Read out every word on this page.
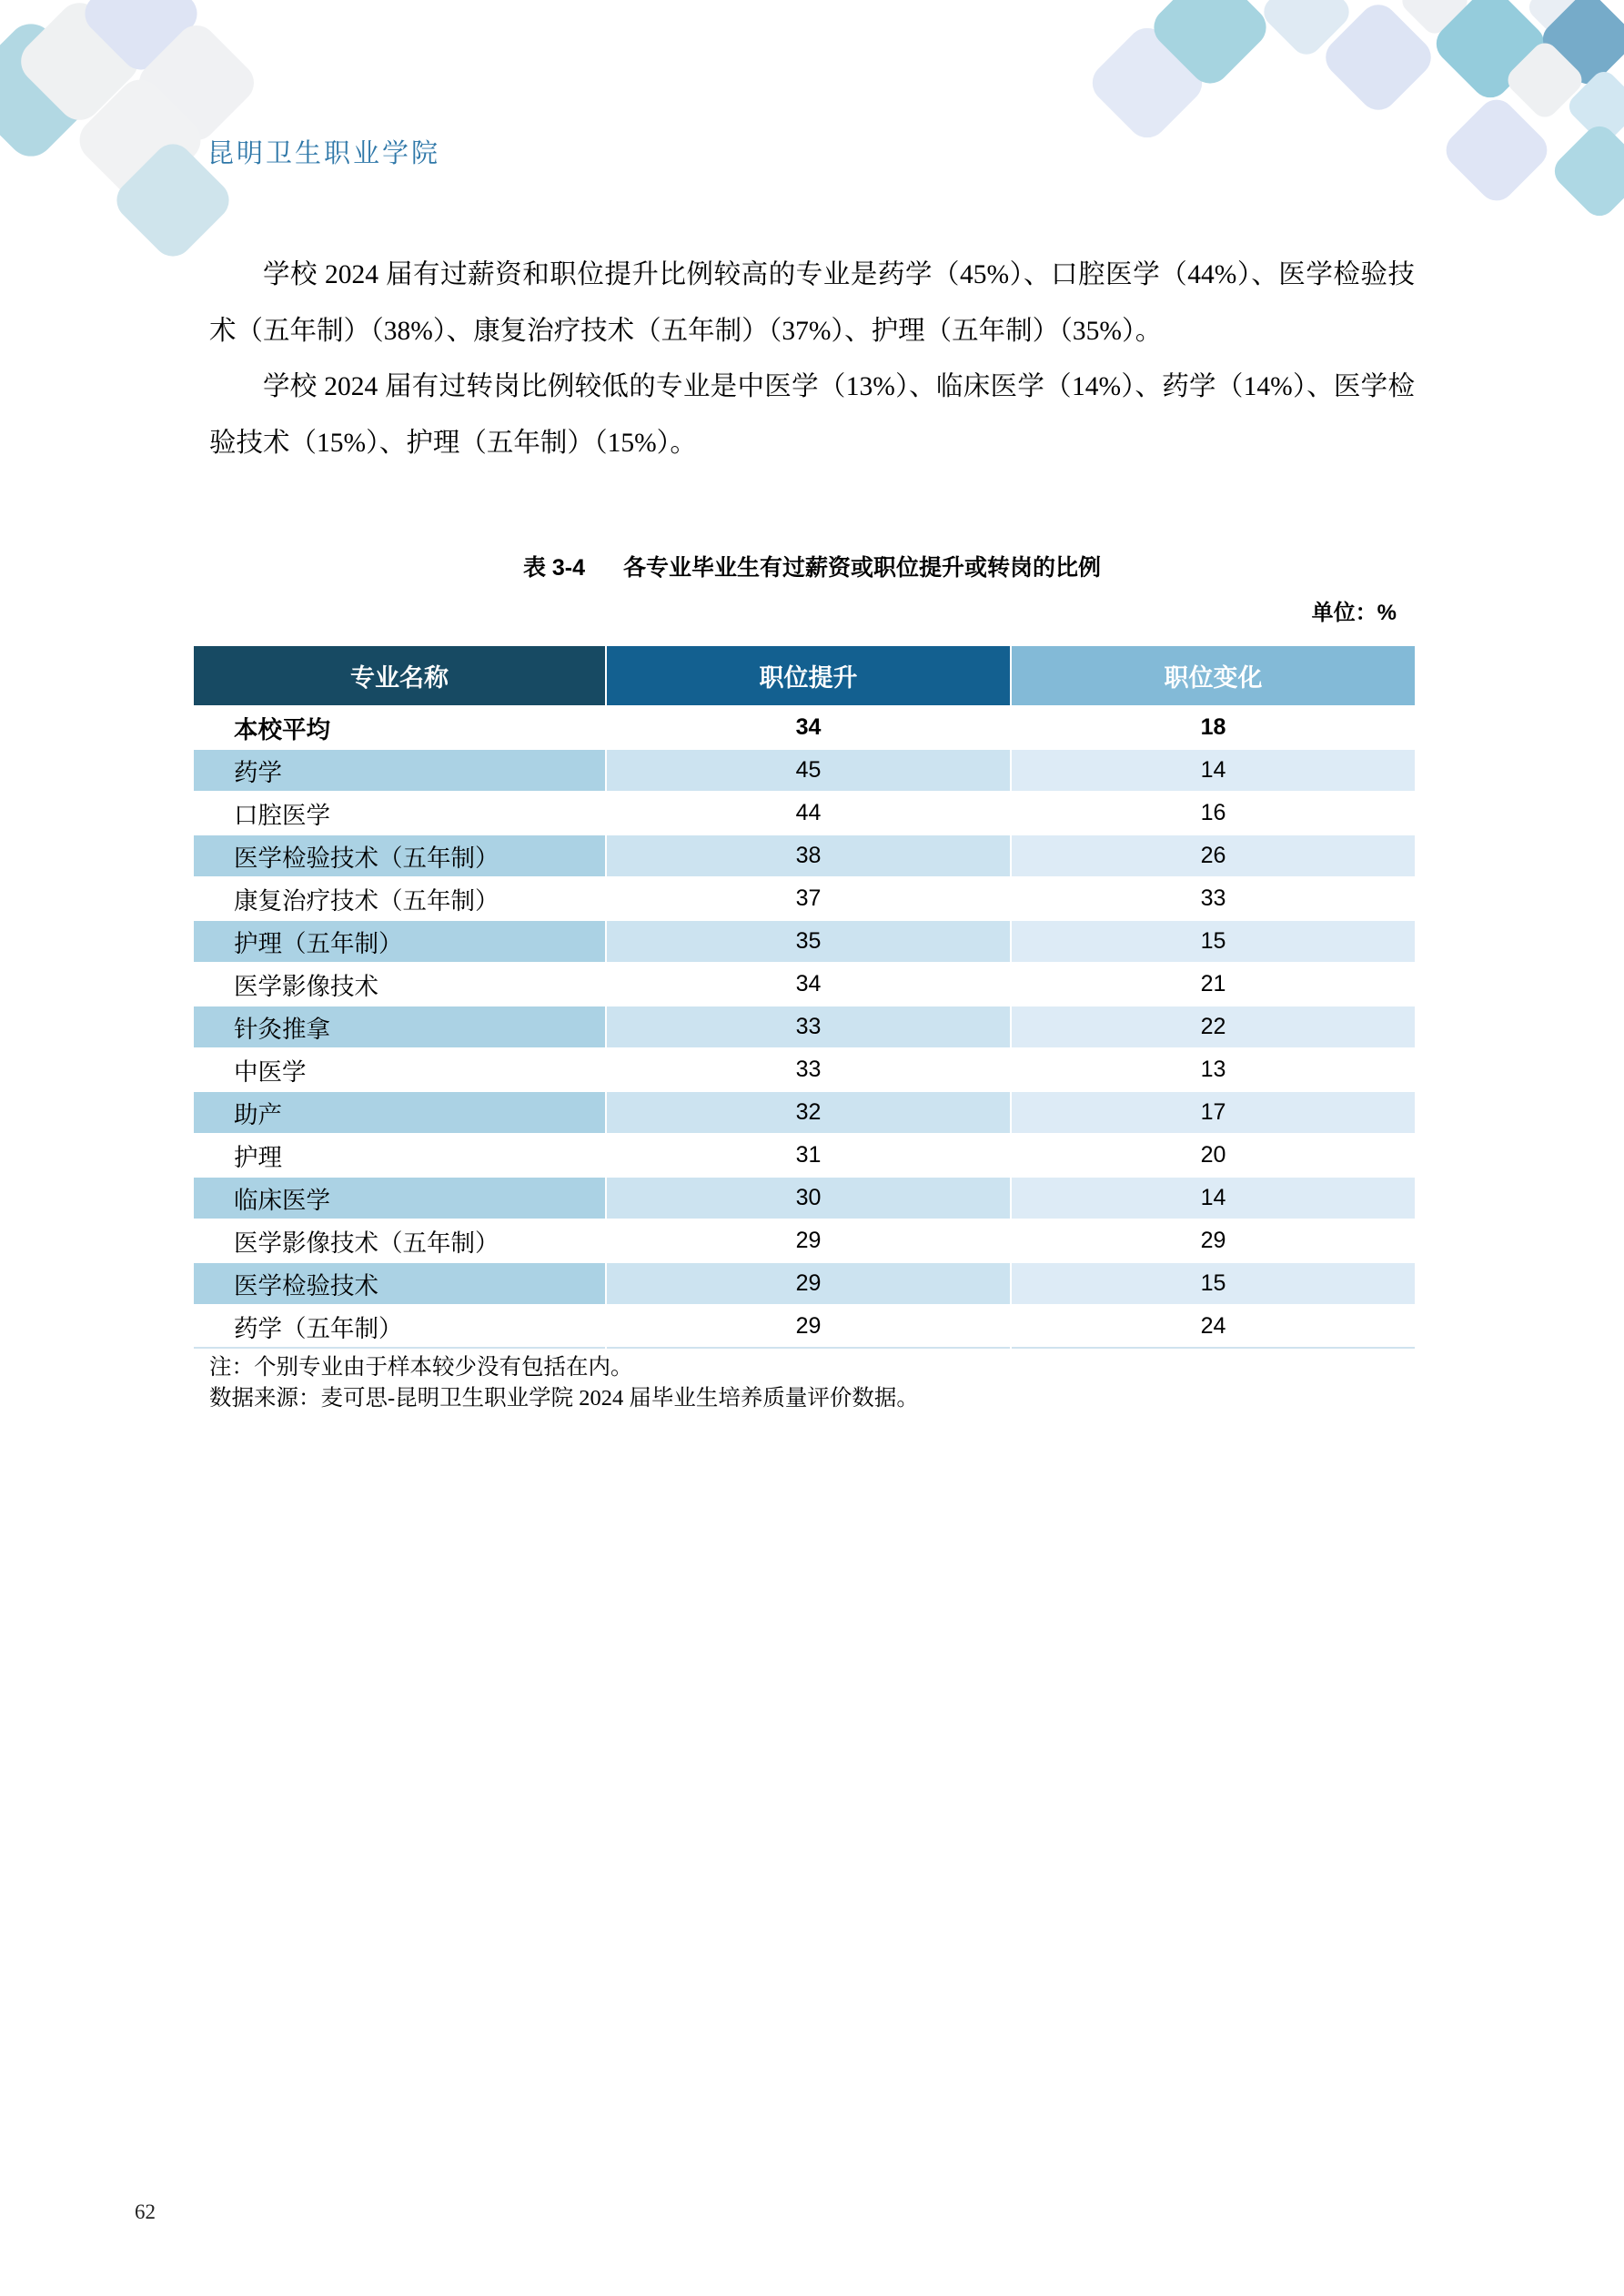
昆明卫生职业学院

学校 2024 届有过薪资和职位提升比例较高的专业是药学（45%）、口腔医学（44%）、医学检验技术（五年制）（38%）、康复治疗技术（五年制）（37%）、护理（五年制）（35%）。

学校 2024 届有过转岗比例较低的专业是中医学（13%）、临床医学（14%）、药学（14%）、医学检验技术（15%）、护理（五年制）（15%）。

表 3-4 各专业毕业生有过薪资或职位提升或转岗的比例
单位：%
专业名称	职位提升	职位变化
本校平均	34	18
药学	45	14
口腔医学	44	16
医学检验技术（五年制）	38	26
康复治疗技术（五年制）	37	33
护理（五年制）	35	15
医学影像技术	34	21
针灸推拿	33	22
中医学	33	13
助产	32	17
护理	31	20
临床医学	30	14
医学影像技术（五年制）	29	29
医学检验技术	29	15
药学（五年制）	29	24
注：个别专业由于样本较少没有包括在内。
数据来源：麦可思-昆明卫生职业学院 2024 届毕业生培养质量评价数据。
62
